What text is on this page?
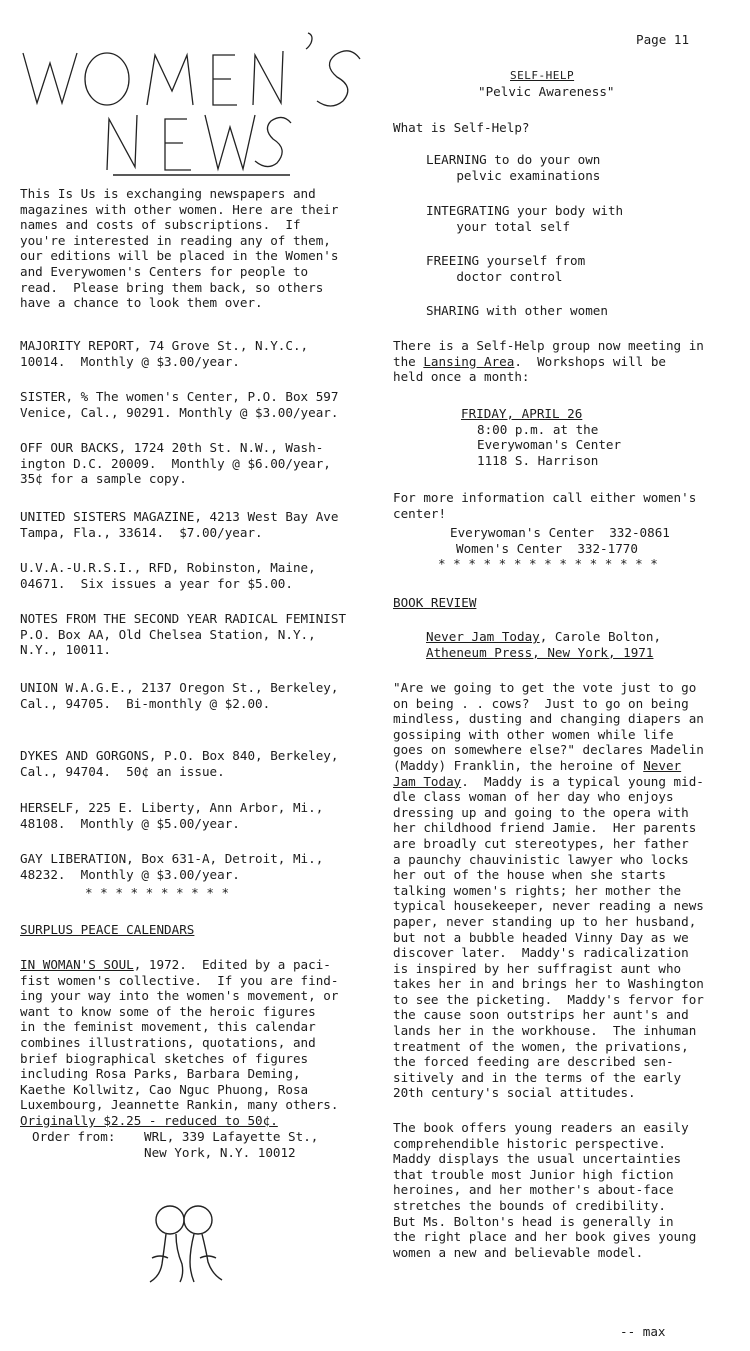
Page 11
This Is Us is exchanging newspapers and
magazines with other women. Here are their
names and costs of subscriptions.  If
you're interested in reading any of them,
our editions will be placed in the Women's
and Everywomen's Centers for people to
read.  Please bring them back, so others
have a chance to look them over.
MAJORITY REPORT, 74 Grove St., N.Y.C.,
10014.  Monthly @ $3.00/year.
SISTER, % The women's Center, P.O. Box 597
Venice, Cal., 90291. Monthly @ $3.00/year.
OFF OUR BACKS, 1724 20th St. N.W., Wash-
ington D.C. 20009.  Monthly @ $6.00/year,
35¢ for a sample copy.
UNITED SISTERS MAGAZINE, 4213 West Bay Ave
Tampa, Fla., 33614.  $7.00/year.
U.V.A.-U.R.S.I., RFD, Robinston, Maine,
04671.  Six issues a year for $5.00.
NOTES FROM THE SECOND YEAR RADICAL FEMINIST
P.O. Box AA, Old Chelsea Station, N.Y.,
N.Y., 10011.
UNION W.A.G.E., 2137 Oregon St., Berkeley,
Cal., 94705.  Bi-monthly @ $2.00.
DYKES AND GORGONS, P.O. Box 840, Berkeley,
Cal., 94704.  50¢ an issue.
HERSELF, 225 E. Liberty, Ann Arbor, Mi.,
48108.  Monthly @ $5.00/year.
GAY LIBERATION, Box 631-A, Detroit, Mi.,
48232.  Monthly @ $3.00/year.
* * * * * * * * * *
SURPLUS PEACE CALENDARS
IN WOMAN'S SOUL, 1972.  Edited by a paci-
fist women's collective.  If you are find-
ing your way into the women's movement, or
want to know some of the heroic figures
in the feminist movement, this calendar
combines illustrations, quotations, and
brief biographical sketches of figures
including Rosa Parks, Barbara Deming,
Kaethe Kollwitz, Cao Nguc Phuong, Rosa
Luxembourg, Jeannette Rankin, many others.
Originally $2.25 - reduced to 50¢.
Order from: WRL, 339 Lafayette St.,
New York, N.Y. 10012
SELF-HELP
"Pelvic Awareness"
What is Self-Help?
LEARNING to do your own
pelvic examinations
INTEGRATING your body with
your total self
FREEING yourself from
doctor control
SHARING with other women
There is a Self-Help group now meeting in
the Lansing Area.  Workshops will be
held once a month:
FRIDAY, APRIL 26
8:00 p.m. at the
Everywoman's Center
1118 S. Harrison
For more information call either women's
center!
Everywoman's Center  332-0861
Women's Center  332-1770
* * * * * * * * * * * * * * *
BOOK REVIEW
Never Jam Today, Carole Bolton,
Atheneum Press, New York, 1971
"Are we going to get the vote just to go
on being . . cows?  Just to go on being
mindless, dusting and changing diapers an
gossiping with other women while life
goes on somewhere else?" declares Madelin
(Maddy) Franklin, the heroine of Never
Jam Today.  Maddy is a typical young mid-
dle class woman of her day who enjoys
dressing up and going to the opera with
her childhood friend Jamie.  Her parents
are broadly cut stereotypes, her father
a paunchy chauvinistic lawyer who locks
her out of the house when she starts
talking women's rights; her mother the
typical housekeeper, never reading a news
paper, never standing up to her husband,
but not a bubble headed Vinny Day as we
discover later.  Maddy's radicalization
is inspired by her suffragist aunt who
takes her in and brings her to Washington
to see the picketing.  Maddy's fervor for
the cause soon outstrips her aunt's and
lands her in the workhouse.  The inhuman
treatment of the women, the privations,
the forced feeding are described sen-
sitively and in the terms of the early
20th century's social attitudes.
The book offers young readers an easily
comprehendible historic perspective.
Maddy displays the usual uncertainties
that trouble most Junior high fiction
heroines, and her mother's about-face
stretches the bounds of credibility.
But Ms. Bolton's head is generally in
the right place and her book gives young
women a new and believable model.
-- max
